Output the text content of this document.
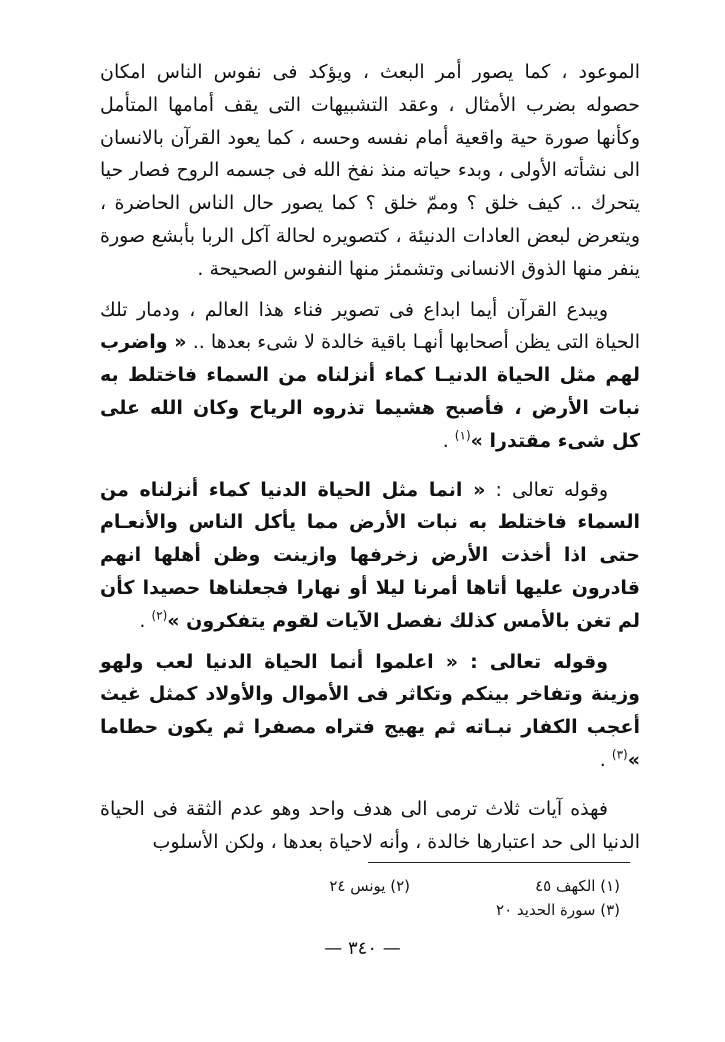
الموعود ، كما يصور أمر البعث ، ويؤكد فى نفوس الناس امكان حصوله بضرب الأمثال ، وعقد التشبيهات التى يقف أمامها المتأمل وكأنها صورة حية واقعية أمام نفسه وحسه ، كما يعود القرآن بالانسان الى نشأته الأولى ، وبدء حياته منذ نفخ الله فى جسمه الروح فصار حيا يتحرك .. كيف خلق ؟ وممّ خلق ؟ كما يصور حال الناس الحاضرة ، ويتعرض لبعض العادات الدنيئة ، كتصويره لحالة آكل الربا بأبشع صورة ينفر منها الذوق الانسانى وتشمئز منها النفوس الصحيحة .

ويبدع القرآن أيما ابداع فى تصوير فناء هذا العالم ، ودمار تلك الحياة التى يظن أصحابها أنهـا باقية خالدة لا شىء بعدها .. « واضرب لهم مثل الحياة الدنيـا كماء أنزلناه من السماء فاختلط به نبات الأرض ، فأصبح هشيما تذروه الرياح وكان الله على كل شىء مقتدرا »$^{(١)}$ .

وقوله تعالى : « انما مثل الحياة الدنيا كماء أنزلناه من السماء فاختلط به نبات الأرض مما يأكل الناس والأنعـام حتى اذا أخذت الأرض زخرفها وازينت وظن أهلها انهم قادرون عليها أتاها أمرنا ليلا أو نهارا فجعلناها حصيدا كأن لم تغن بالأمس كذلك نفصل الآيات لقوم يتفكرون »$^{(٢)}$ .

وقوله تعالى : « اعلموا أنما الحياة الدنيا لعب ولهو وزينة وتفاخر بينكم وتكاثر فى الأموال والأولاد كمثل غيث أعجب الكفار نبـاته ثم يهيج فتراه مصفرا ثم يكون حطاما »$^{(٣)}$ .

فهذه آيات ثلاث ترمى الى هدف واحد وهو عدم الثقة فى الحياة الدنيا الى حد اعتبارها خالدة ، وأنه لاحياة بعدها ، ولكن الأسلوب

(١) الكهف ٤٥
(٢) يونس ٢٤
(٣) سورة الحديد ٢٠
— ٣٤٠ —
